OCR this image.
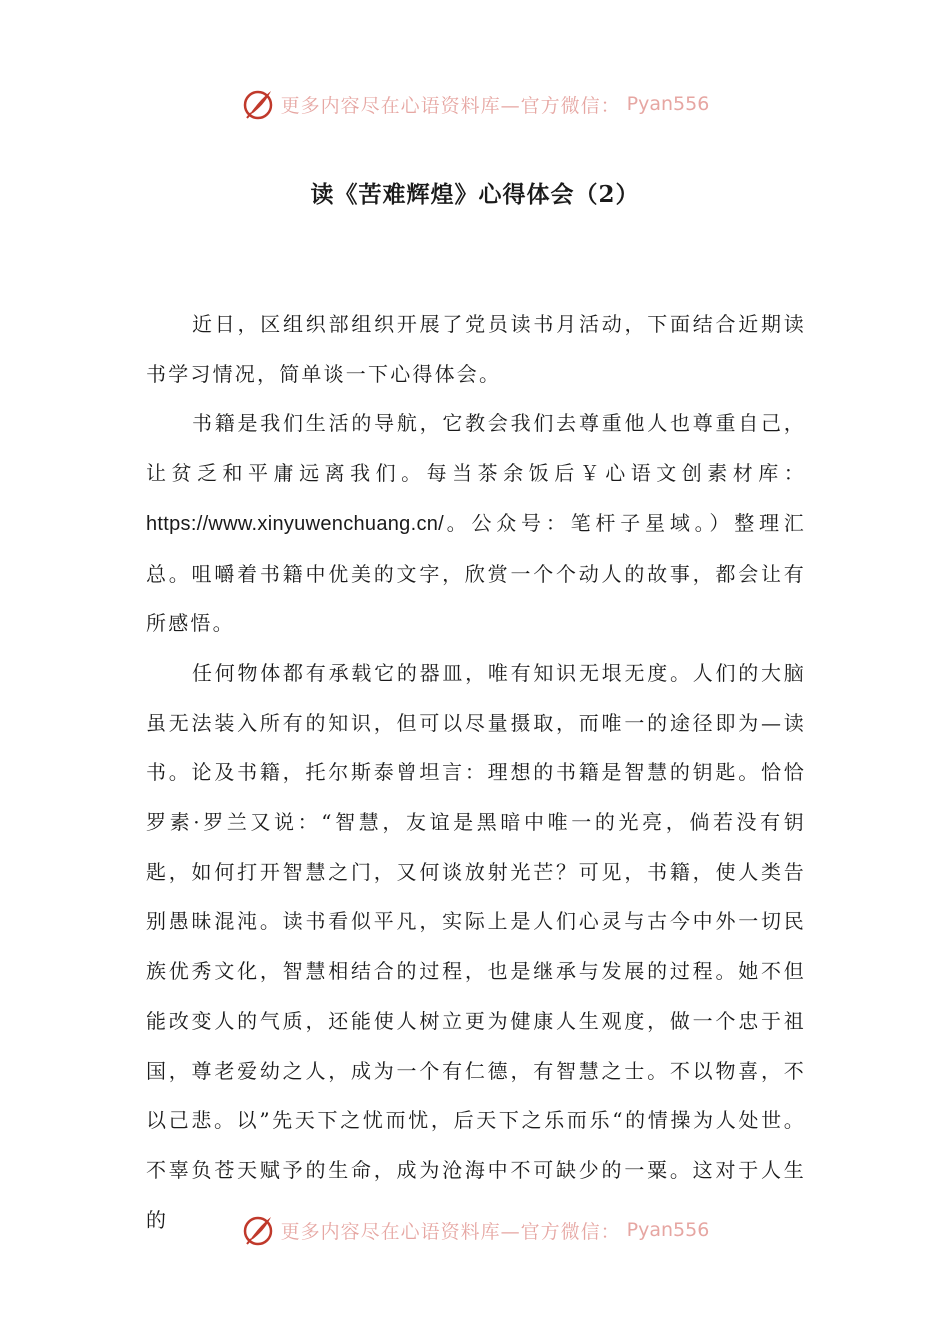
更多内容尽在心语资料库—官方微信： Pyan556
读《苦难辉煌》心得体会（2）

近日，区组织部组织开展了党员读书月活动，下面结合近期读书学习情况，简单谈一下心得体会。

书籍是我们生活的导航，它教会我们去尊重他人也尊重自己，让贫乏和平庸远离我们。每当茶余饭后￥心语文创素材库：https://www.xinyuwenchuang.cn/。公众号：笔杆子星域。）整理汇总。咀嚼着书籍中优美的文字，欣赏一个个动人的故事，都会让有所感悟。

任何物体都有承载它的器皿，唯有知识无垠无度。人们的大脑虽无法装入所有的知识，但可以尽量摄取，而唯一的途径即为—读书。论及书籍，托尔斯泰曾坦言：理想的书籍是智慧的钥匙。恰恰罗素·罗兰又说：“智慧，友谊是黑暗中唯一的光亮，倘若没有钥匙，如何打开智慧之门，又何谈放射光芒？可见，书籍，使人类告别愚昧混沌。读书看似平凡，实际上是人们心灵与古今中外一切民族优秀文化，智慧相结合的过程，也是继承与发展的过程。她不但能改变人的气质，还能使人树立更为健康人生观度，做一个忠于祖国，尊老爱幼之人，成为一个有仁德，有智慧之士。不以物喜，不以己悲。以”先天下之忧而忧，后天下之乐而乐“的情操为人处世。不辜负苍天赋予的生命，成为沧海中不可缺少的一粟。这对于人生的	更多内容尽在心语资料库—官方微信： Pyan556
